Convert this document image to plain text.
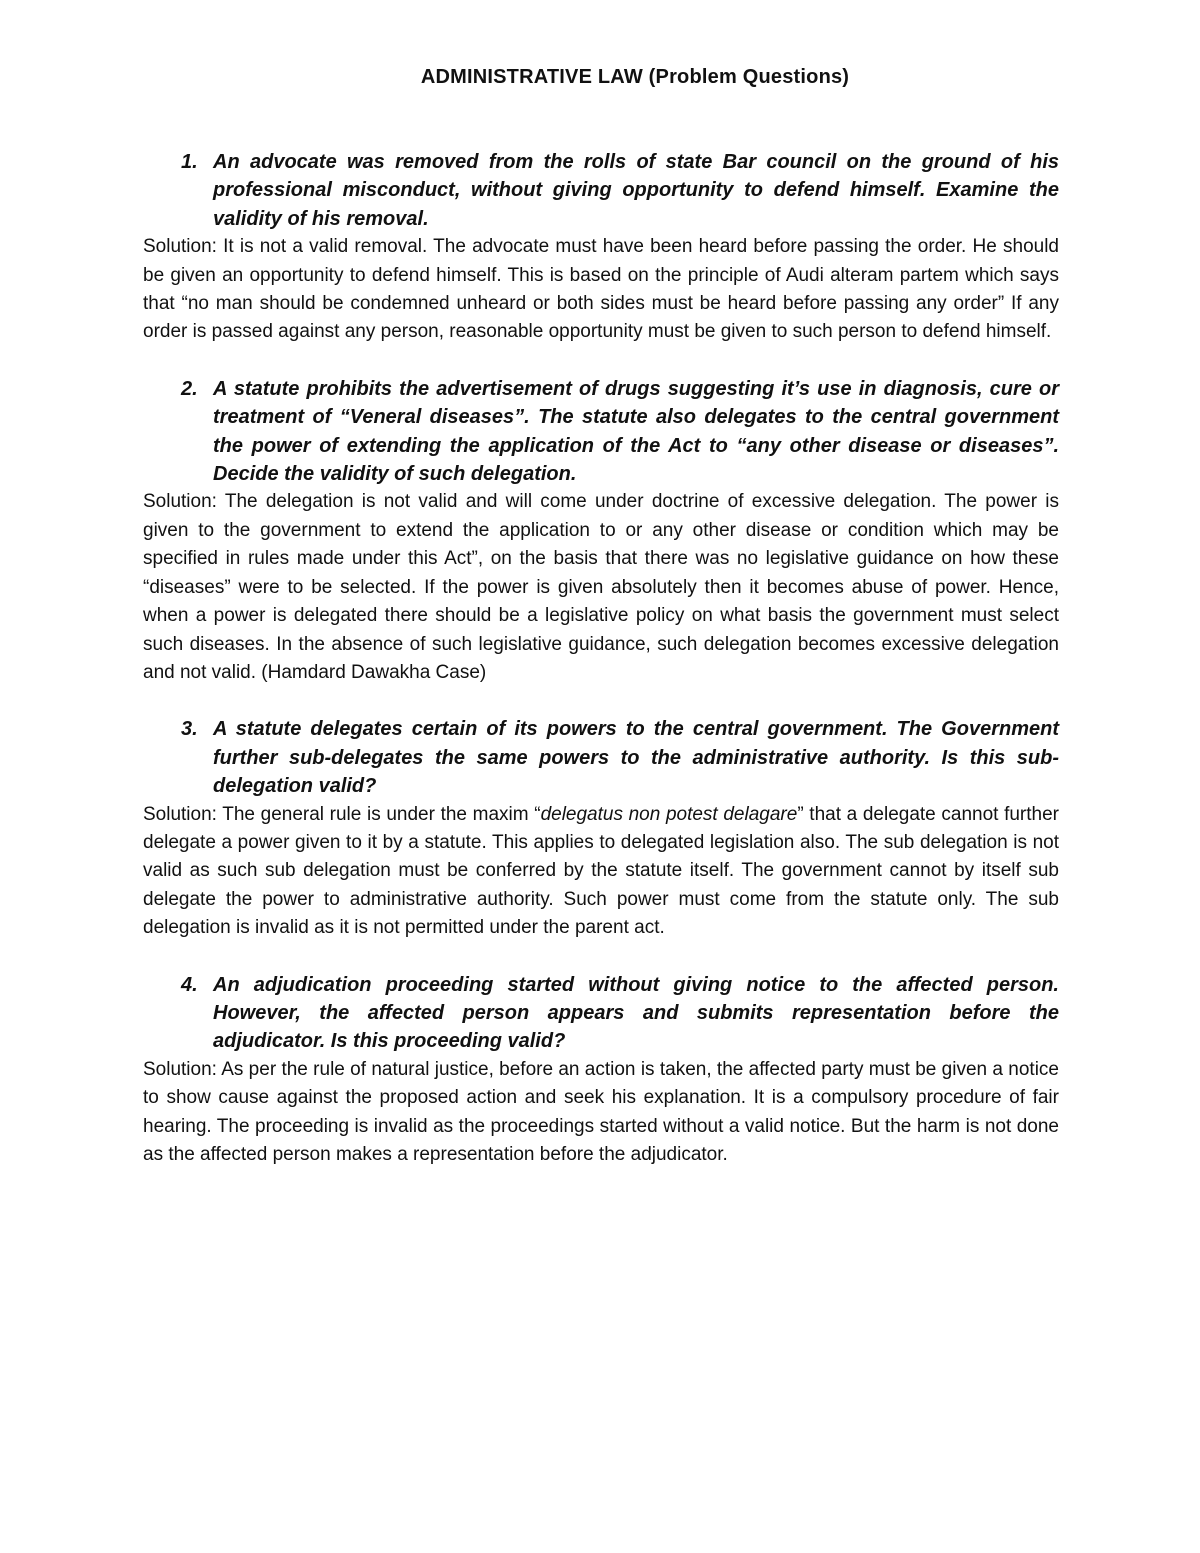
ADMINISTRATIVE LAW (Problem Questions)
1. An advocate was removed from the rolls of state Bar council on the ground of his professional misconduct, without giving opportunity to defend himself. Examine the validity of his removal.

Solution: It is not a valid removal. The advocate must have been heard before passing the order. He should be given an opportunity to defend himself. This is based on the principle of Audi alteram partem which says that “no man should be condemned unheard or both sides must be heard before passing any order” If any order is passed against any person, reasonable opportunity must be given to such person to defend himself.

2. A statute prohibits the advertisement of drugs suggesting it’s use in diagnosis, cure or treatment of “Veneral diseases”. The statute also delegates to the central government the power of extending the application of the Act to “any other disease or diseases”. Decide the validity of such delegation.

Solution: The delegation is not valid and will come under doctrine of excessive delegation. The power is given to the government to extend the application to or any other disease or condition which may be specified in rules made under this Act”, on the basis that there was no legislative guidance on how these “diseases” were to be selected. If the power is given absolutely then it becomes abuse of power. Hence, when a power is delegated there should be a legislative policy on what basis the government must select such diseases. In the absence of such legislative guidance, such delegation becomes excessive delegation and not valid. (Hamdard Dawakha Case)

3. A statute delegates certain of its powers to the central government. The Government further sub-delegates the same powers to the administrative authority. Is this sub-delegation valid?

Solution: The general rule is under the maxim “delegatus non potest delagare” that a delegate cannot further delegate a power given to it by a statute. This applies to delegated legislation also. The sub delegation is not valid as such sub delegation must be conferred by the statute itself. The government cannot by itself sub delegate the power to administrative authority. Such power must come from the statute only. The sub delegation is invalid as it is not permitted under the parent act.

4. An adjudication proceeding started without giving notice to the affected person. However, the affected person appears and submits representation before the adjudicator. Is this proceeding valid?

Solution: As per the rule of natural justice, before an action is taken, the affected party must be given a notice to show cause against the proposed action and seek his explanation. It is a compulsory procedure of fair hearing. The proceeding is invalid as the proceedings started without a valid notice. But the harm is not done as the affected person makes a representation before the adjudicator.
